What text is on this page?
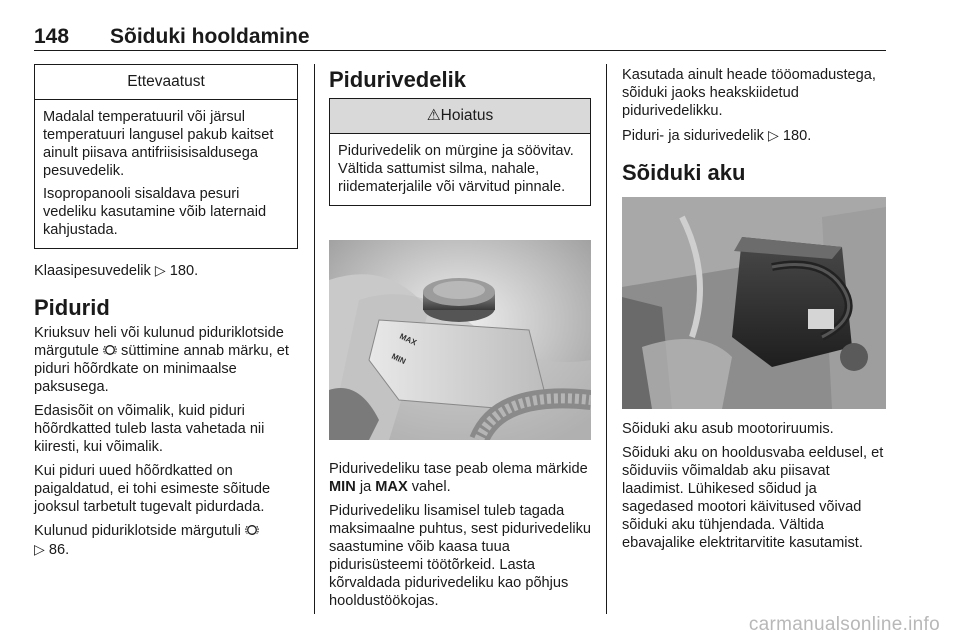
148 Sõiduki hooldamine
Ettevaatust

Madalal temperatuuril või järsul temperatuuri langusel pakub kaitset ainult piisava antifriisisisaldusega pesuvedelik.

Isopropanooli sisaldava pesuri vedeliku kasutamine võib laternaid kahjustada.

Klaasipesuvedelik ▷ 180.

Pidurid

Kriuksuv heli või kulunud piduriklotside märgutule süttimine annab märku, et piduri hõõrdkate on minimaalse paksusega.

Edasisõit on võimalik, kuid piduri hõõrdkatted tuleb lasta vahetada nii kiiresti, kui võimalik.

Kui piduri uued hõõrdkatted on paigaldatud, ei tohi esimeste sõitude jooksul tarbetult tugevalt pidurdada.

Kulunud piduriklotside märgutuli
▷ 86.

Pidurivedelik
⚠Hoiatus

Pidurivedelik on mürgine ja söövitav. Vältida sattumist silma, nahale, riidematerjalile või värvitud pinnale.

MAX
MIN

Pidurivedeliku tase peab olema märkide MIN ja MAX vahel.

Pidurivedeliku lisamisel tuleb tagada maksimaalne puhtus, sest pidurivedeliku saastumine võib kaasa tuua pidurisüsteemi töötõrkeid. Lasta kõrvaldada pidurivedeliku kao põhjus hooldustöökojas.

Kasutada ainult heade tööomadustega, sõiduki jaoks heakskiidetud pidurivedelikku.

Piduri- ja sidurivedelik ▷ 180.

Sõiduki aku

Sõiduki aku asub mootoriruumis.

Sõiduki aku on hooldusvaba eeldusel, et sõiduviis võimaldab aku piisavat laadimist. Lühikesed sõidud ja sagedased mootori käivitused võivad sõiduki aku tühjendada. Vältida ebavajalike elektritarvitite kasutamist.

carmanualsonline.info
